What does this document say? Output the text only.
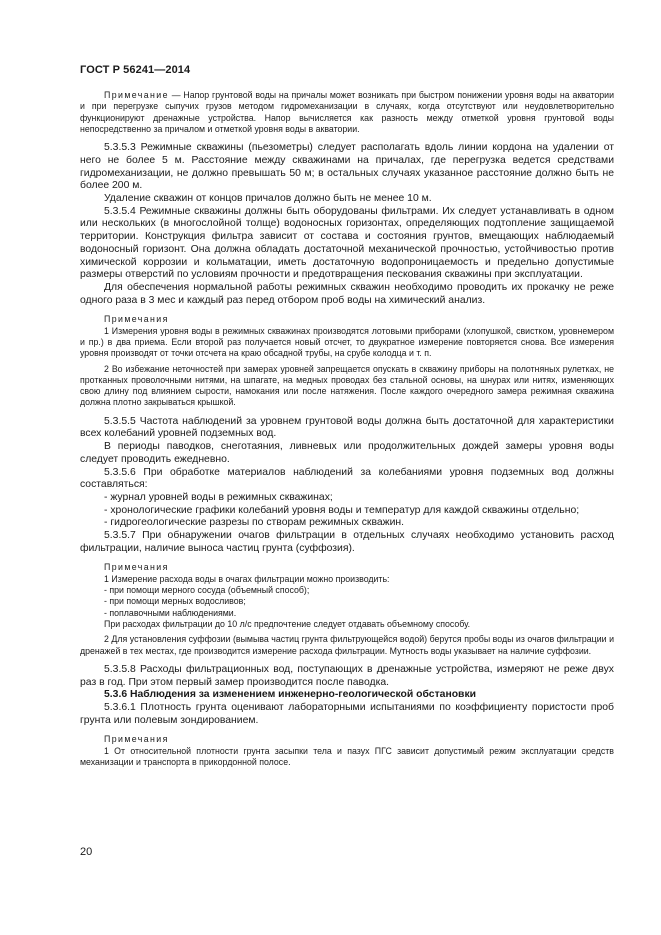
ГОСТ Р 56241—2014

Примечание — Напор грунтовой воды на причалы может возникать при быстром понижении уровня воды на акватории и при перегрузке сыпучих грузов методом гидромеханизации в случаях, когда отсутствуют или неудовлетворительно функционируют дренажные устройства. Напор вычисляется как разность между отметкой уровня грунтовой воды непосредственно за причалом и отметкой уровня воды в акватории.

5.3.5.3 Режимные скважины (пьезометры) следует располагать вдоль линии кордона на удалении от него не более 5 м. Расстояние между скважинами на причалах, где перегрузка ведется средствами гидромеханизации, не должно превышать 50 м; в остальных случаях указанное расстояние должно быть не более 200 м.

Удаление скважин от концов причалов должно быть не менее 10 м.

5.3.5.4 Режимные скважины должны быть оборудованы фильтрами. Их следует устанавливать в одном или нескольких (в многослойной толще) водоносных горизонтах, определяющих подтопление защищаемой территории. Конструкция фильтра зависит от состава и состояния грунтов, вмещающих наблюдаемый водоносный горизонт. Она должна обладать достаточной механической прочностью, устойчивостью против химической коррозии и кольматации, иметь достаточную водопроницаемость и предельно допустимые размеры отверстий по условиям прочности и предотвращения пескования скважины при эксплуатации.

Для обеспечения нормальной работы режимных скважин необходимо проводить их прокачку не реже одного раза в 3 мес и каждый раз перед отбором проб воды на химический анализ.

Примечания

1 Измерения уровня воды в режимных скважинах производятся лотовыми приборами (хлопушкой, свистком, уровнемером и пр.) в два приема. Если второй раз получается новый отсчет, то двукратное измерение повторяется снова. Все измерения уровня производят от точки отсчета на краю обсадной трубы, на срубе колодца и т. п.

2 Во избежание неточностей при замерах уровней запрещается опускать в скважину приборы на полотняных рулетках, не протканных проволочными нитями, на шпагате, на медных проводах без стальной основы, на шнурах или нитях, изменяющих свою длину под влиянием сырости, намокания или после натяжения. После каждого очередного замера режимная скважина должна плотно закрываться крышкой.

5.3.5.5 Частота наблюдений за уровнем грунтовой воды должна быть достаточной для характеристики всех колебаний уровней подземных вод.

В периоды паводков, снеготаяния, ливневых или продолжительных дождей замеры уровня воды следует проводить ежедневно.

5.3.5.6 При обработке материалов наблюдений за колебаниями уровня подземных вод должны составляться:

- журнал уровней воды в режимных скважинах;

- хронологические графики колебаний уровня воды и температур для каждой скважины отдельно;

- гидрогеологические разрезы по створам режимных скважин.

5.3.5.7 При обнаружении очагов фильтрации в отдельных случаях необходимо установить расход фильтрации, наличие выноса частиц грунта (суффозия).

Примечания

1 Измерение расхода воды в очагах фильтрации можно производить:

- при помощи мерного сосуда (объемный способ);

- при помощи мерных водосливов;

- поплавочными наблюдениями.

При расходах фильтрации до 10 л/с предпочтение следует отдавать объемному способу.

2 Для установления суффозии (вымыва частиц грунта фильтрующейся водой) берутся пробы воды из очагов фильтрации и дренажей в тех местах, где производится измерение расхода фильтрации. Мутность воды указывает на наличие суффозии.

5.3.5.8 Расходы фильтрационных вод, поступающих в дренажные устройства, измеряют не реже двух раз в год. При этом первый замер производится после паводка.

5.3.6 Наблюдения за изменением инженерно-геологической обстановки

5.3.6.1 Плотность грунта оценивают лабораторными испытаниями по коэффициенту пористости проб грунта или полевым зондированием.

Примечания

1 От относительной плотности грунта засыпки тела и пазух ПГС зависит допустимый режим эксплуатации средств механизации и транспорта в прикордонной полосе.

20
